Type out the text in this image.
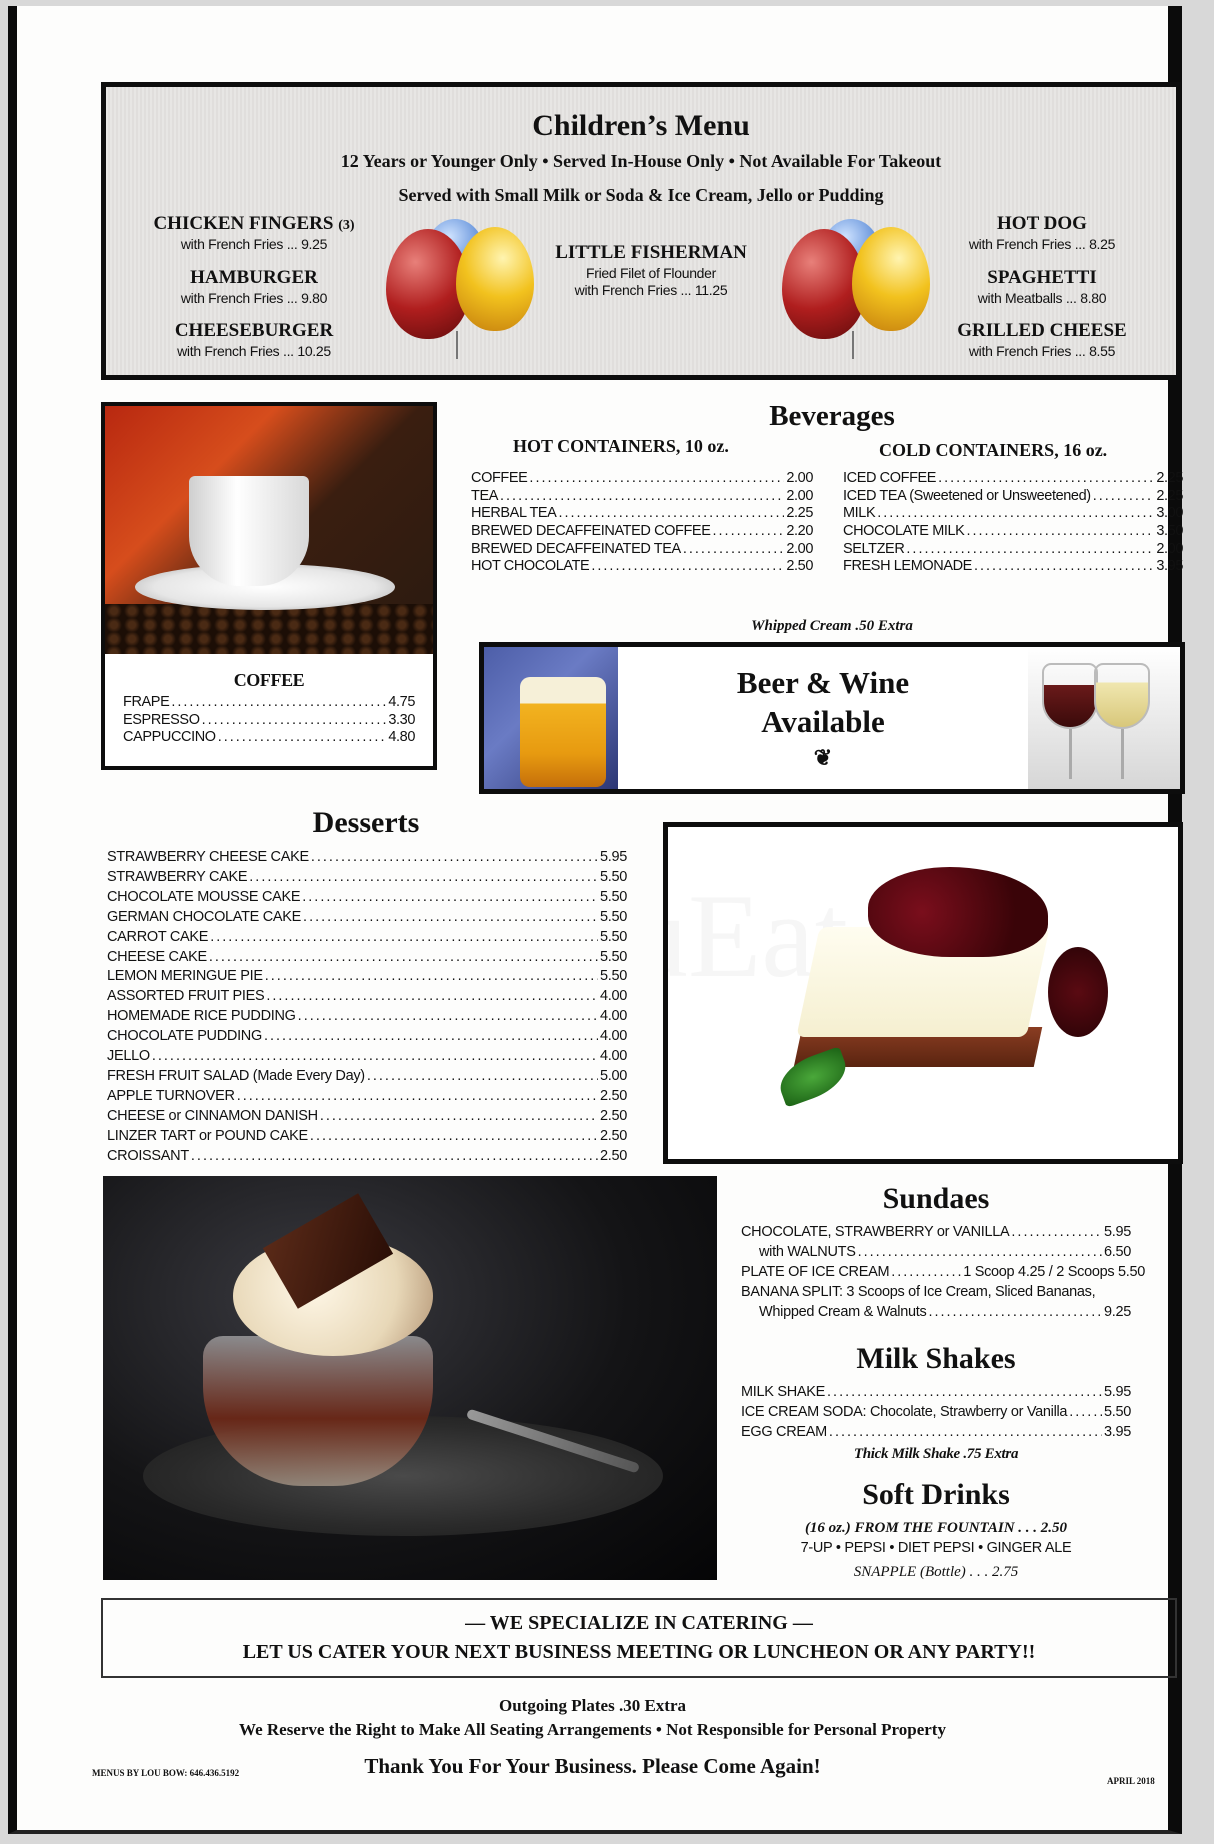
Children’s Menu
12 Years or Younger Only • Served In-House Only • Not Available For Takeout
Served with Small Milk or Soda & Ice Cream, Jello or Pudding
CHICKEN FINGERS (3)
with French Fries ... 9.25
HAMBURGER
with French Fries ... 9.80
CHEESEBURGER
with French Fries ... 10.25
LITTLE FISHERMAN
Fried Filet of Flounder
with French Fries ... 11.25
HOT DOG
with French Fries ... 8.25
SPAGHETTI
with Meatballs ... 8.80
GRILLED CHEESE
with French Fries ... 8.55
COFFEE
FRAPE .....	4.75
ESPRESSO .....	3.30
CAPPUCCINO .....	4.80
Beverages
HOT CONTAINERS, 10 oz.	COLD CONTAINERS, 16 oz.
COFFEE .....	2.00
TEA .....	2.00
HERBAL TEA .....	2.25
BREWED DECAFFEINATED COFFEE .....	2.20
BREWED DECAFFEINATED TEA .....	2.00
HOT CHOCOLATE .....	2.50
ICED COFFEE .....	2.25
ICED TEA (Sweetened or Unsweetened) .....	2.25
MILK .....	3.00
CHOCOLATE MILK .....	3.50
SELTZER .....	2.00
FRESH LEMONADE .....	3.95
Whipped Cream .50 Extra
Beer & Wine
Available
❦
Desserts
STRAWBERRY CHEESE CAKE .....	5.95
STRAWBERRY CAKE .....	5.50
CHOCOLATE MOUSSE CAKE .....	5.50
GERMAN CHOCOLATE CAKE .....	5.50
CARROT CAKE .....	5.50
CHEESE CAKE .....	5.50
LEMON MERINGUE PIE .....	5.50
ASSORTED FRUIT PIES .....	4.00
HOMEMADE RICE PUDDING .....	4.00
CHOCOLATE PUDDING .....	4.00
JELLO .....	4.00
FRESH FRUIT SALAD (Made Every Day) .....	5.00
APPLE TURNOVER .....	2.50
CHEESE or CINNAMON DANISH .....	2.50
LINZER TART or POUND CAKE .....	2.50
CROISSANT .....	2.50
Sundaes
CHOCOLATE, STRAWBERRY or VANILLA .....	5.95
with WALNUTS .....	6.50
PLATE OF ICE CREAM .....	1 Scoop 4.25 / 2 Scoops 5.50
BANANA SPLIT: 3 Scoops of Ice Cream, Sliced Bananas,
Whipped Cream & Walnuts .....	9.25
Milk Shakes
MILK SHAKE .....	5.95
ICE CREAM SODA: Chocolate, Strawberry or Vanilla .....	5.50
EGG CREAM .....	3.95
Thick Milk Shake .75 Extra
Soft Drinks
(16 oz.) FROM THE FOUNTAIN . . . 2.50
7-UP • PEPSI • DIET PEPSI • GINGER ALE
SNAPPLE (Bottle) . . . 2.75
— WE SPECIALIZE IN CATERING —
LET US CATER YOUR NEXT BUSINESS MEETING OR LUNCHEON OR ANY PARTY!!
Outgoing Plates .30 Extra
We Reserve the Right to Make All Seating Arrangements • Not Responsible for Personal Property
Thank You For Your Business. Please Come Again!
MENUS BY LOU BOW: 646.436.5192
APRIL 2018
